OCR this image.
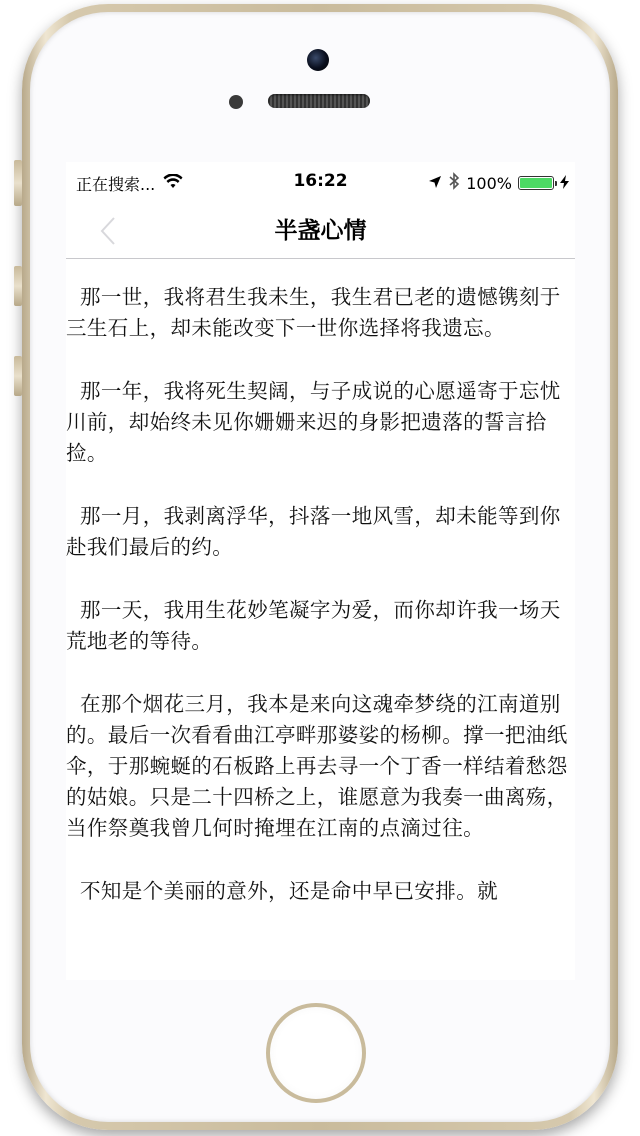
正在搜索...	16:22	100%
半盏心情

那一世，我将君生我未生，我生君已老的遗憾镌刻于三生石上，却未能改变下一世你选择将我遗忘。

那一年，我将死生契阔，与子成说的心愿遥寄于忘忧川前，却始终未见你姗姗来迟的身影把遗落的誓言拾捡。

那一月，我剥离浮华，抖落一地风雪，却未能等到你赴我们最后的约。

那一天，我用生花妙笔凝字为爱，而你却许我一场天荒地老的等待。

在那个烟花三月，我本是来向这魂牵梦绕的江南道别的。最后一次看看曲江亭畔那婆娑的杨柳。撑一把油纸伞，于那蜿蜒的石板路上再去寻一个丁香一样结着愁怨的姑娘。只是二十四桥之上，谁愿意为我奏一曲离殇，当作祭奠我曾几何时掩埋在江南的点滴过往。

不知是个美丽的意外，还是命中早已安排。就
